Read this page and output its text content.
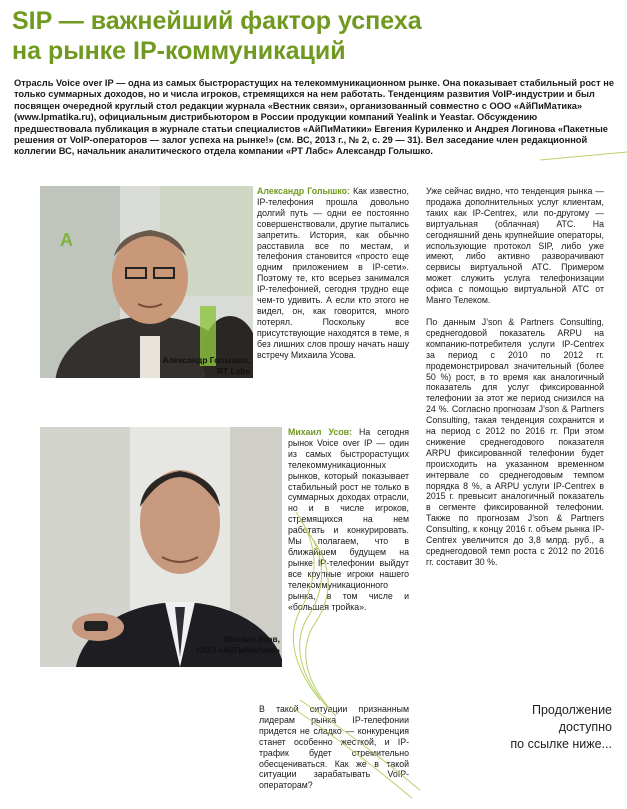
SIP — важнейший фактор успеха
на рынке IP-коммуникаций

Отрасль Voice over IP — одна из самых быстрорастущих на телекоммуникационном рынке. Она показывает стабильный рост не только суммарных доходов, но и числа игроков, стремящихся на нем работать. Тенденциям развития VoIP-индустрии и был посвящен очередной круглый стол редакции журнала «Вестник связи», организованный совместно с ООО «АйПиМатика» (www.Ipmatika.ru), официальным дистрибьютором в России продукции компаний Yealink и Yeastar. Обсуждению предшествовала публикация в журнале статьи специалистов «АйПиМатики» Евгения Куриленко и Андрея Логинова «Пакетные решения от VoIP-операторов — залог успеха на рынке!» (см. ВС, 2013 г., № 2, с. 29 — 31). Вел заседание член редакционной коллегии ВС, начальник аналитического отдела компании «РТ Лабс» Александр Голышко.

A
Александр Голышко,
RT Labs
Михаил Усов,
ООО «АйПиМатика»

Александр Голышко: Как известно, IP-телефония прошла довольно долгий путь — одни ее постоянно совершенствовали, другие пытались запретить. История, как обычно расставила все по местам, и телефония становится «просто еще одним приложением в IP-сети». Поэтому те, кто всерьез занимался IP-телефонией, сегодня трудно еще чем-то удивить. А если кто этого не видел, он, как говорится, много потерял. Поскольку все присутствующие находятся в теме, я без лишних слов прошу начать нашу встречу Михаила Усова.

Михаил Усов: На сегодня рынок Voice over IP — один из самых быстрорастущих телекоммуникационных рынков, который показывает стабильный рост не только в суммарных доходах отрасли, но и в числе игроков, стремящихся на нем работать и конкурировать. Мы полагаем, что в ближайшем будущем на рынке IP-телефонии выйдут все крупные игроки нашего телекоммуникационного рынка, в том числе и «большая тройка».

В такой ситуации признанным лидерам рынка IP-телефонии придется не сладко — конкуренция станет особенно жесткой, и IP-трафик будет стремительно обесцениваться. Как же в такой ситуации зарабатывать VoIP-операторам?

Уже сейчас видно, что тенденция рынка — продажа дополнительных услуг клиентам, таких как IP-Centrex, или по-другому — виртуальная (облачная) АТС. На сегодняшний день крупнейшие операторы, использующие протокол SIP, либо уже имеют, либо активно разворачивают сервисы виртуальной АТС. Примером может служить услуга телефонизации офиса с помощью виртуальной АТС от Манго Телеком.

По данным J’son & Partners Consulting, среднегодовой показатель ARPU на компанию-потребителя услуги IP-Centrex за период с 2010 по 2012 гг. продемонстрировал значительный (более 50 %) рост, в то время как аналогичный показатель для услуг фиксированной телефонии за этот же период снизился на 24 %. Согласно прогнозам J’son & Partners Consulting, такая тенденция сохранится и на период с 2012 по 2016 гг. При этом снижение среднегодового показателя ARPU фиксированной телефонии будет происходить на указанном временном интервале со среднегодовым темпом порядка 8 %, а ARPU услуги IP-Centrex в 2015 г. превысит аналогичный показатель в сегменте фиксированной телефонии. Также по прогнозам J’son & Partners Consulting, к концу 2016 г. объем рынка IP-Centrex увеличится до 3,8 млрд. руб., а среднегодовой темп роста с 2012 по 2016 гг. составит 30 %.

Продолжение
доступно
по ссылке ниже...
